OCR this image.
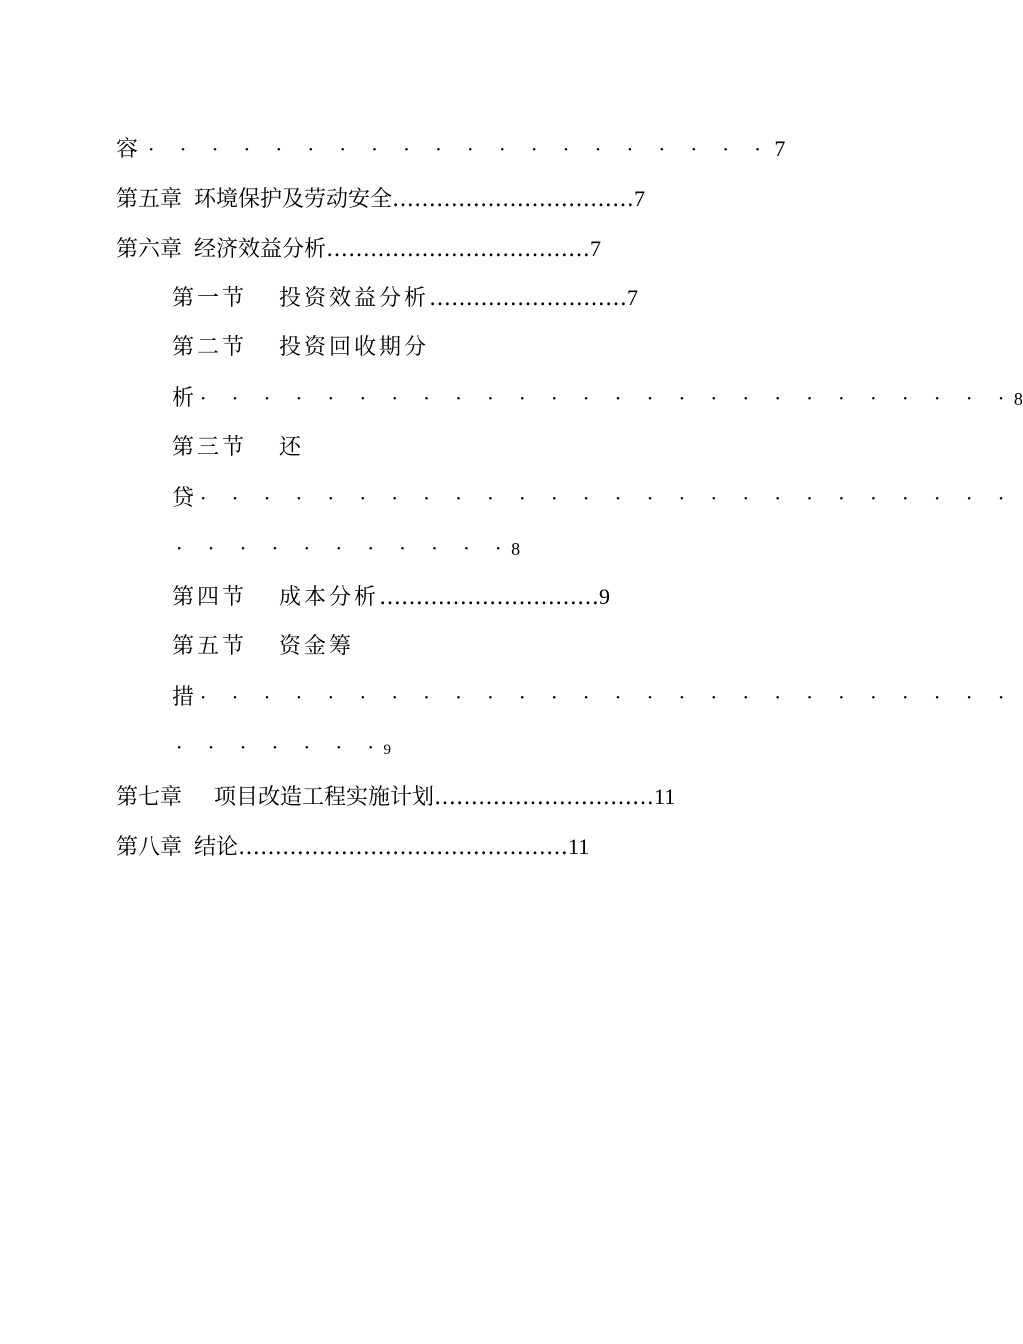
容 · · · · · · · · · · · · · · · · · · · · 7
第五章 环境保护及劳动安全……………………………7
第六章 经济效益分析………………………………7
第一节 投资效益分析………………………7
第二节 投资回收期分
析 · · · · · · · · · · · · · · · · · · · · · · · · · ·8
第三节 还
贷 · · · · · · · · · · · · · · · · · · · · · · · · · ·
· · · · · · · · · · ·8
第四节 成本分析…………………………9
第五节 资金筹
措 · · · · · · · · · · · · · · · · · · · · · · · · · ·
· · · · · · ·9
第七章 项目改造工程实施计划…………………………11
第八章 结论………………………………………11
